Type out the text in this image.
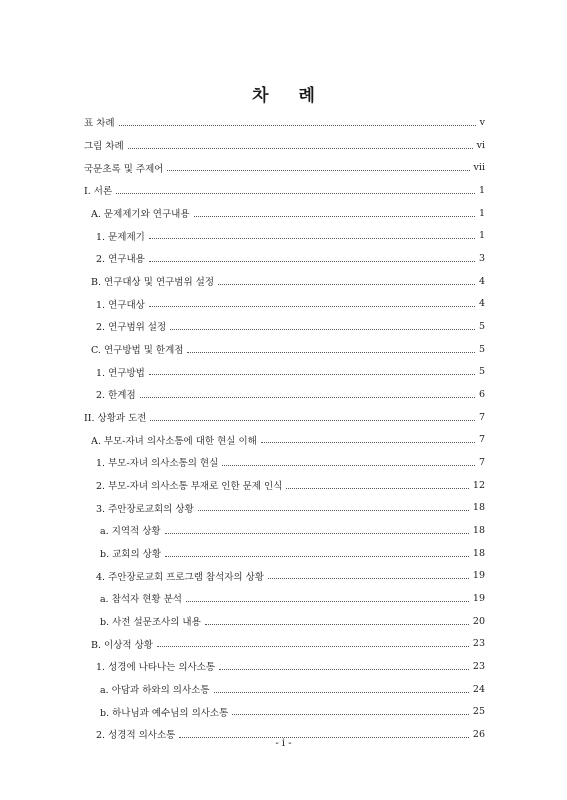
차 례
표 차례	v
그림 차례	vi
국문초록 및 주제어	vii
I. 서론	1
A. 문제제기와 연구내용	1
1. 문제제기	1
2. 연구내용	3
B. 연구대상 및 연구범위 설정	4
1. 연구대상	4
2. 연구범위 설정	5
C. 연구방법 및 한계점	5
1. 연구방법	5
2. 한계점	6
II. 상황과 도전	7
A. 부모-자녀 의사소통에 대한 현실 이해	7
1. 부모-자녀 의사소통의 현실	7
2. 부모-자녀 의사소통 부재로 인한 문제 인식	12
3. 주안장로교회의 상황	18
a. 지역적 상황	18
b. 교회의 상황	18
4. 주안장로교회 프로그램 참석자의 상황	19
a. 참석자 현황 분석	19
b. 사전 설문조사의 내용	20
B. 이상적 상황	23
1. 성경에 나타나는 의사소통	23
a. 아담과 하와의 의사소통	24
b. 하나님과 예수님의 의사소통	25
2. 성경적 의사소통	26
- i -
